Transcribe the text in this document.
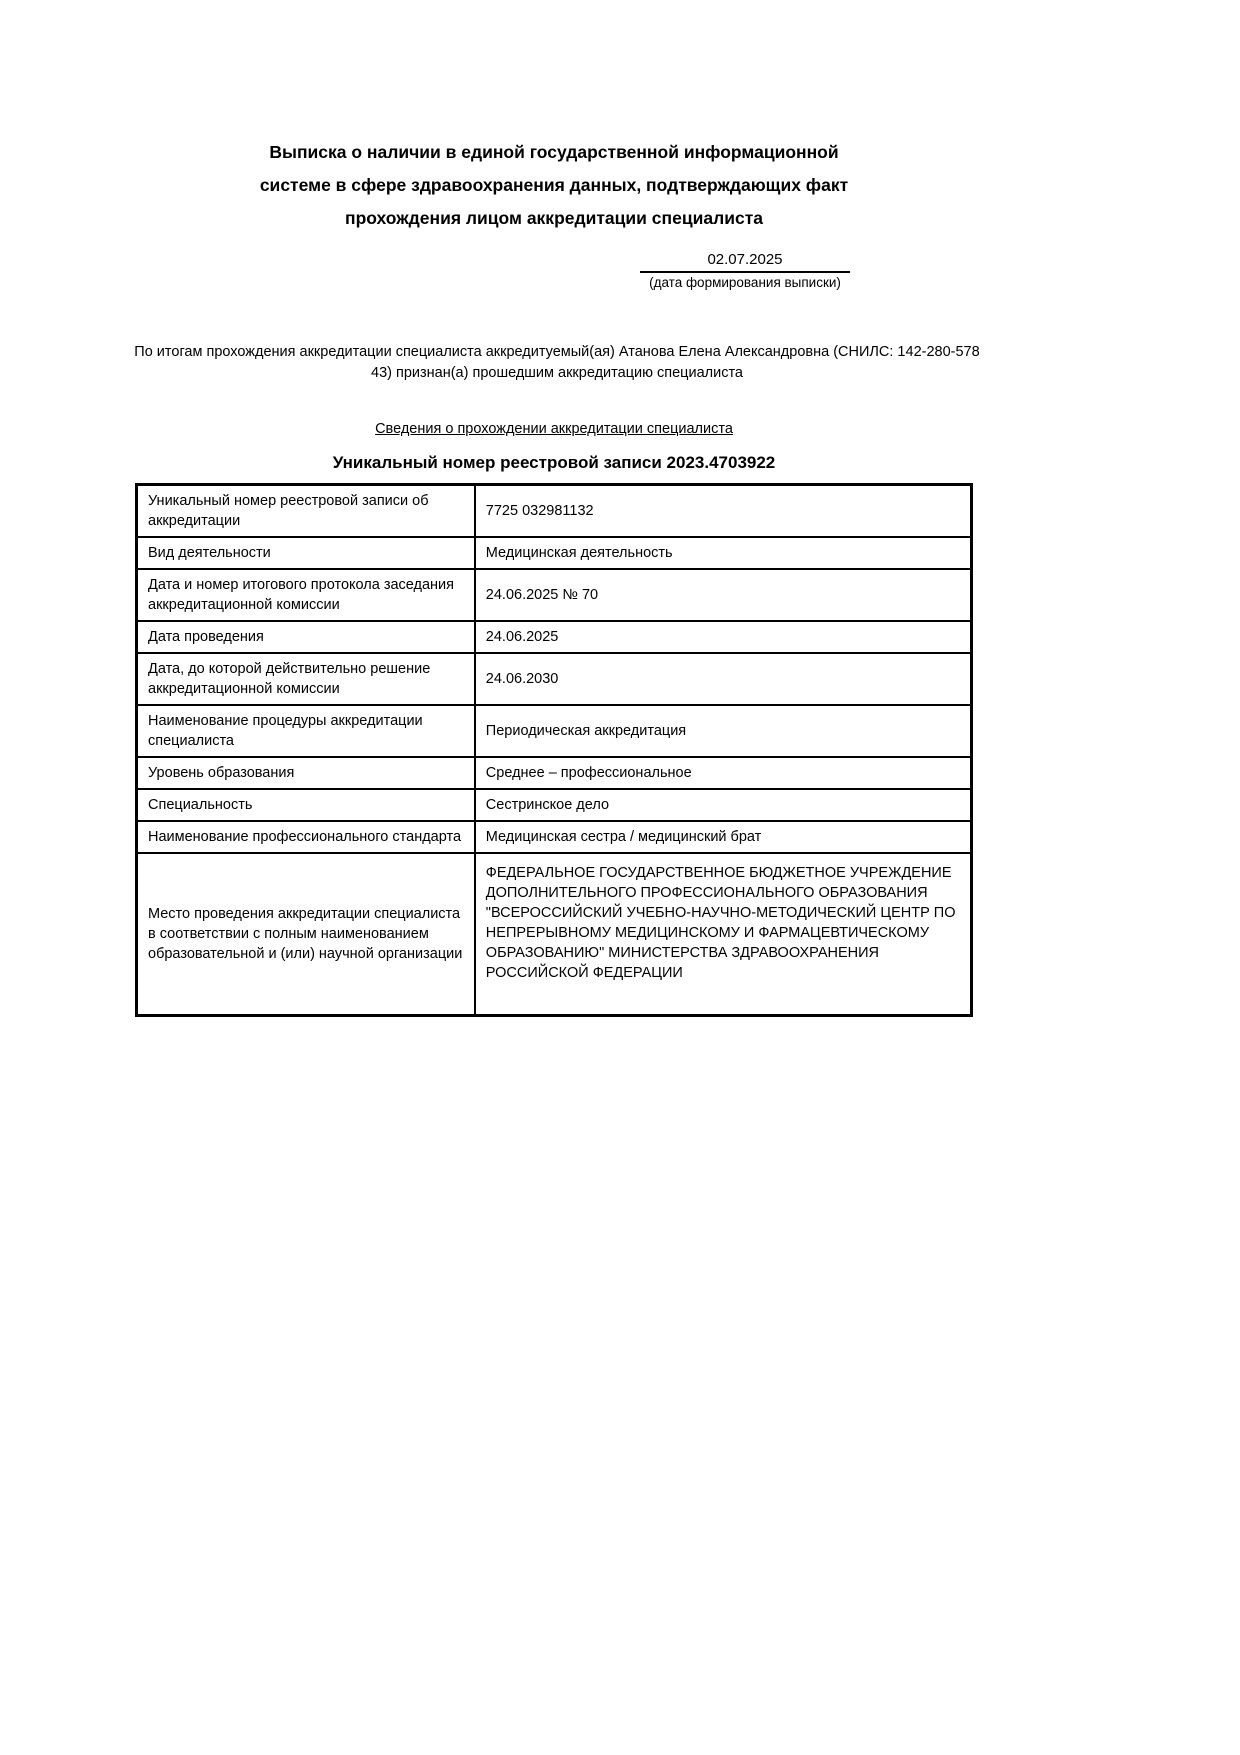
Выписка о наличии в единой государственной информационной
системе в сфере здравоохранения данных, подтверждающих факт
прохождения лицом аккредитации специалиста
02.07.2025
(дата формирования выписки)
По итогам прохождения аккредитации специалиста аккредитуемый(ая) Атанова Елена Александровна (СНИЛС: 142-280-578 43) признан(а) прошедшим аккредитацию специалиста
Сведения о прохождении аккредитации специалиста
Уникальный номер реестровой записи 2023.4703922
Уникальный номер реестровой записи об аккредитации	7725 032981132
Вид деятельности	Медицинская деятельность
Дата и номер итогового протокола заседания аккредитационной комиссии	24.06.2025 № 70
Дата проведения	24.06.2025
Дата, до которой действительно решение аккредитационной комиссии	24.06.2030
Наименование процедуры аккредитации специалиста	Периодическая аккредитация
Уровень образования	Среднее – профессиональное
Специальность	Сестринское дело
Наименование профессионального стандарта	Медицинская сестра / медицинский брат
Место проведения аккредитации специалиста в соответствии с полным наименованием образовательной и (или) научной организации	ФЕДЕРАЛЬНОЕ ГОСУДАРСТВЕННОЕ БЮДЖЕТНОЕ УЧРЕЖДЕНИЕ ДОПОЛНИТЕЛЬНОГО ПРОФЕССИОНАЛЬНОГО ОБРАЗОВАНИЯ "ВСЕРОССИЙСКИЙ УЧЕБНО-НАУЧНО-МЕТОДИЧЕСКИЙ ЦЕНТР ПО НЕПРЕРЫВНОМУ МЕДИЦИНСКОМУ И ФАРМАЦЕВТИЧЕСКОМУ ОБРАЗОВАНИЮ" МИНИСТЕРСТВА ЗДРАВООХРАНЕНИЯ РОССИЙСКОЙ ФЕДЕРАЦИИ
